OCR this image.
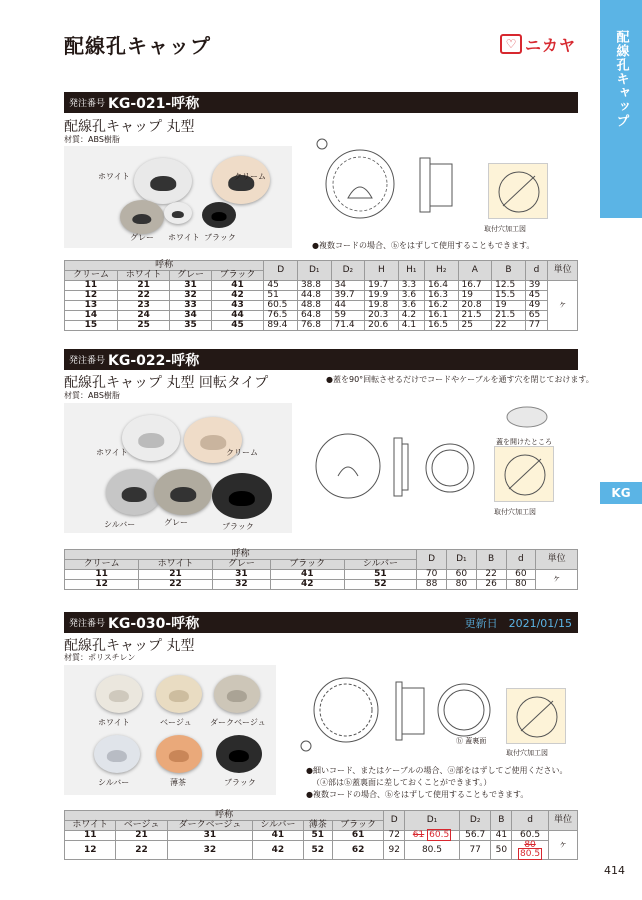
配線孔キャップ	♡ ニカヤ	配線孔キャップ
KG
414
発注番号 KG-021-呼称
配線孔キャップ 丸型
材質：ABS樹脂
ホワイト	クリーム
グレー ホワイト ブラック
取付穴加工図
●複数コードの場合、ⓑをはずして使用することもできます。
呼称				D	D₁	D₂	H	H₁	H₂	A	B	d	単位
クリーム	ホワイト	グレー	ブラック										
11	21	31	41	45	38.8	34	19.7	3.3	16.4	16.7	12.5	39	ヶ
12	22	32	42	51	44.8	39.7	19.9	3.6	16.3	19	15.5	45	
13	23	33	43	60.5	48.8	44	19.8	3.6	16.2	20.8	19	49	
14	24	34	44	76.5	64.8	59	20.3	4.2	16.1	21.5	21.5	65	
15	25	35	45	89.4	76.8	71.4	20.6	4.1	16.5	25	22	77	
発注番号 KG-022-呼称
配線孔キャップ 丸型 回転タイプ	●蓋を90°回転させるだけでコードやケーブルを通す穴を閉じておけます。
材質：ABS樹脂
ホワイト	クリーム
シルバー	グレー	ブラック
蓋を開けたところ
取付穴加工図
呼称					D	D₁	B	d	単位
クリーム	ホワイト	グレー	ブラック	シルバー					
11	21	31	41	51	70	60	22	60	ヶ
12	22	32	42	52	88	80	26	80	
発注番号 KG-030-呼称	更新日　2021/01/15
配線孔キャップ 丸型
材質：ポリスチレン
ホワイト	ベージュ ダークベージュ
シルバー	薄茶	ブラック
ⓑ 蓋裏面
取付穴加工図
●細いコード、またはケーブルの場合、ⓐ部をはずしてご使用ください。
（ⓐ部はⓑ蓋裏面に差しておくことができます。）
●複数コードの場合、ⓑをはずして使用することもできます。
呼称						D	D₁	D₂	B	d	単位
ホワイト	ベージュ	ダークベージュ	シルバー	薄茶	ブラック						
11	21	31	41	51	61	72	61 60.5	56.7	41	60.5	ヶ
12	22	32	42	52	62	92	80.5	77	50	80
80.5	
